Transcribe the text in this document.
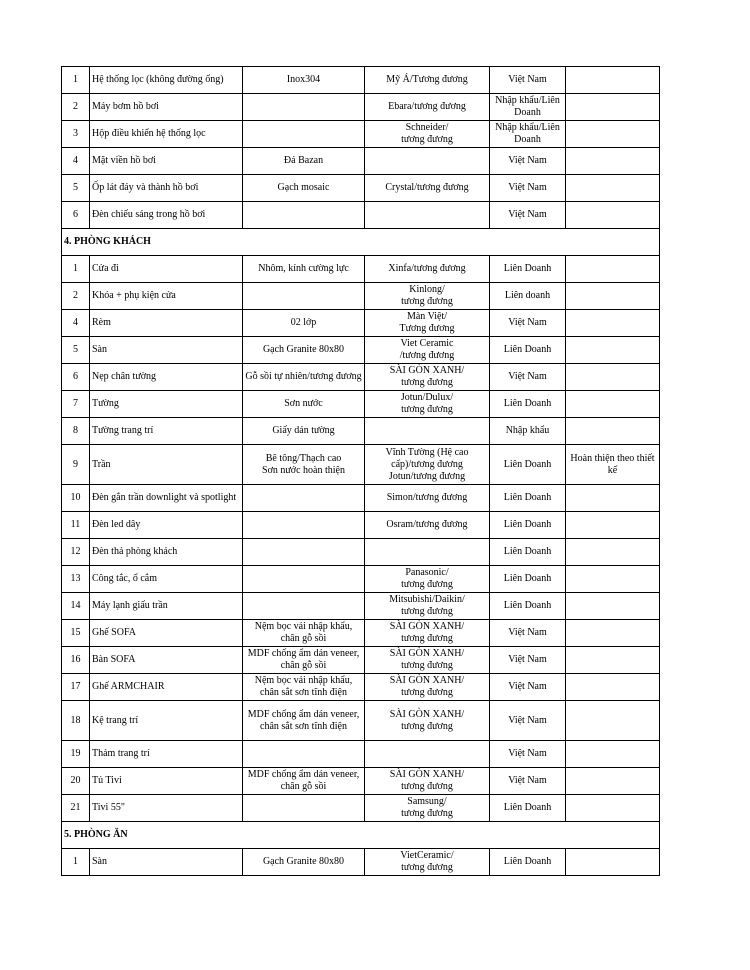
1	Hệ thống lọc (không đường ống)	Inox304	Mỹ Á/Tương đương	Việt Nam	

2	Máy bơm hồ bơi		Ebara/tương đương	Nhập khẩu/Liên
Doanh	

3	Hộp điều khiển hệ thống lọc		Schneider/
tương đương	Nhập khẩu/Liên
Doanh	

4	Mặt viền hồ bơi	Đá Bazan		Việt Nam	

5	Ốp lát đáy và thành hồ bơi	Gạch mosaic	Crystal/tương đương	Việt Nam	

6	Đèn chiếu sáng trong hồ bơi			Việt Nam	

4. PHÒNG KHÁCH					
1	Cửa đi	Nhôm, kính cường lực	Xinfa/tương đương	Liên Doanh	

2	Khóa + phụ kiện cửa		Kinlong/
tương đương	Liên doanh	

4	Rèm	02 lớp	Màn Việt/
Tương đương	Việt Nam	

5	Sàn	Gạch Granite 80x80	Viet Ceramic
/tương đương	Liên Doanh	

6	Nẹp chân tường	Gỗ sồi tự nhiên/tương đương	SÀI GÒN XANH/
tương đương	Việt Nam	

7	Tường	Sơn nước	Jotun/Dulux/
tương đương	Liên Doanh	

8	Tường trang trí	Giấy dán tường		Nhập khẩu	

9	Trần	Bê tông/Thạch cao
Sơn nước hoàn thiện	Vĩnh Tường (Hệ cao
cấp)/tương đương
Jotun/tương đương	Liên Doanh	Hoàn thiện theo thiết kế

10	Đèn gắn trần downlight và spotlight		Simon/tương đương	Liên Doanh	

11	Đèn led dây		Osram/tương đương	Liên Doanh	

12	Đèn thả phòng khách			Liên Doanh	

13	Công tắc, ổ cắm		Panasonic/
tương đương	Liên Doanh	

14	Máy lạnh giấu trần		Mitsubishi/Daikin/
tương đương	Liên Doanh	

15	Ghế SOFA	Nệm bọc vải nhập khẩu,
chân gỗ sồi	SÀI GÒN XANH/
tương đương	Việt Nam	

16	Bàn SOFA	MDF chống ẩm dán veneer,
chân gỗ sồi	SÀI GÒN XANH/
tương đương	Việt Nam	

17	Ghế ARMCHAIR	Nệm bọc vải nhập khẩu,
chân sắt sơn tĩnh điện	SÀI GÒN XANH/
tương đương	Việt Nam	

18	Kệ trang trí	MDF chống ẩm dán veneer,
chân sắt sơn tĩnh điện	SÀI GÒN XANH/
tương đương	Việt Nam	

19	Thảm trang trí			Việt Nam	

20	Tủ Tivi	MDF chống ẩm dán veneer,
chân gỗ sồi	SÀI GÒN XANH/
tương đương	Việt Nam	

21	Tivi 55"		Samsung/
tương đương	Liên Doanh	

5. PHÒNG ĂN					
1	Sàn	Gạch Granite 80x80	VietCeramic/
tương đương	Liên Doanh	
